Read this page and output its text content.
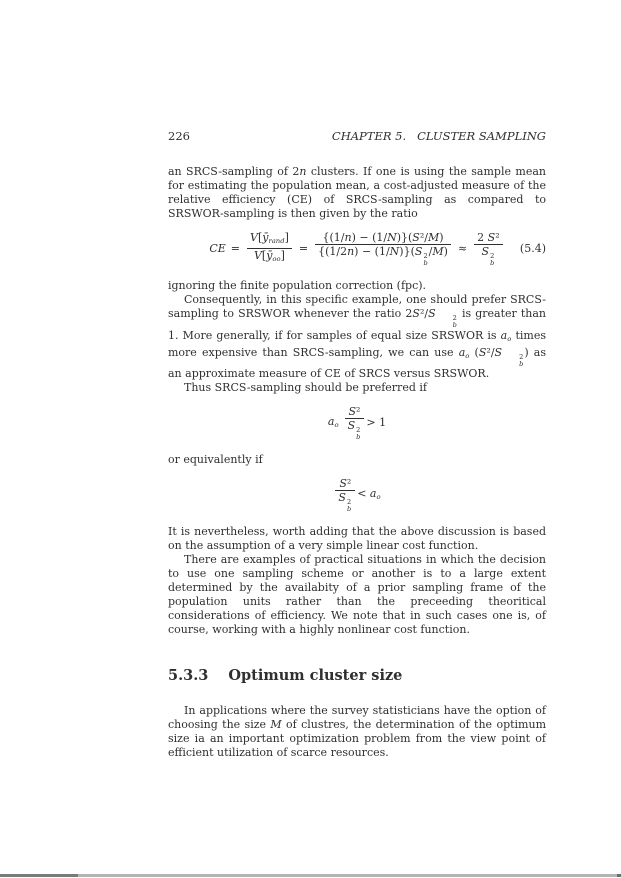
226	CHAPTER 5.   CLUSTER SAMPLING

an SRCS-sampling of 2n clusters. If one is using the sample mean for estimating the population mean, a cost-adjusted measure of the relative efficiency (CE) of SRCS-sampling as compared to SRSWOR-sampling is then given by the ratio

CE = $\frac{V[ȳ_{rand}]}{V[ȳ_{oo}]} = \{(1/n) - (1/N)\}(S^2/M)$
{(1/2n) − (1/N)}(S 2
b
/M) ≈ 2 S²
S 2
b (5.4)

ignoring the finite population correction (fpc).

Consequently, in this specific example, one should prefer SRCS-sampling to SRSWOR whenever the ratio 2S²/S	2
b
is greater than 1. More generally, if for samples of equal size SRSWOR is $a_o$ times more expensive than SRCS-sampling, we can use $a_o$ (S²/S	2
b
) as an approximate measure of CE of SRCS versus SRSWOR.

Thus SRCS-sampling should be preferred if

$a_o$ S²
S 2
b > 1

or equivalently if

S²
S 2
$b < a_o$

It is nevertheless, worth adding that the above discussion is based on the assumption of a very simple linear cost function.

There are examples of practical situations in which the decision to use one sampling scheme or another is to a large extent determined by the availabity of a prior sampling frame of the population units rather than the preceeding theoritical considerations of efficiency. We note that in such cases one is, of course, working with a highly nonlinear cost function.

5.3.3 Optimum cluster size

In applications where the survey statisticians have the option of choosing the size M of clustres, the determination of the optimum size ia an important optimization problem from the view point of efficient utilization of scarce resources.
